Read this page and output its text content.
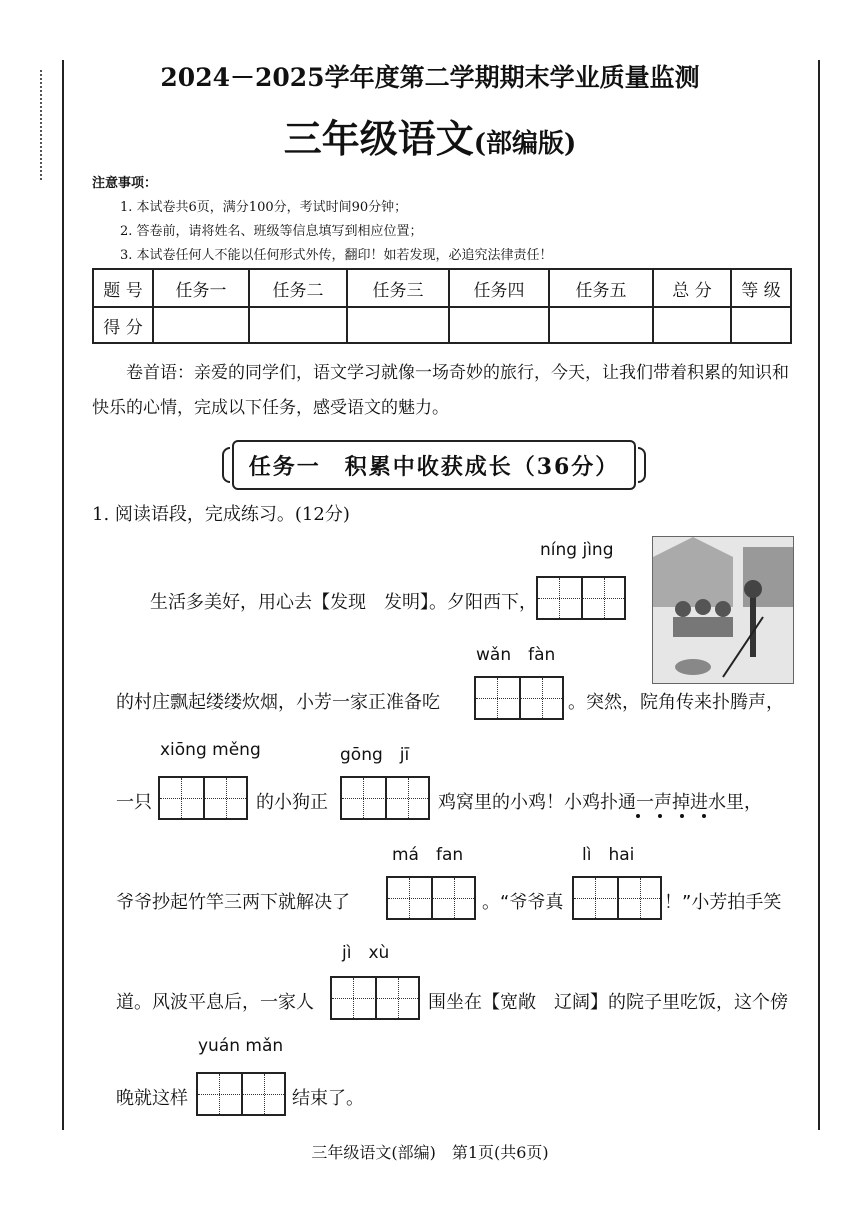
2024－2025学年度第二学期期末学业质量监测
三年级语文(部编版)
注意事项：
1. 本试卷共6页，满分100分，考试时间90分钟；
2. 答卷前，请将姓名、班级等信息填写到相应位置；
3. 本试卷任何人不能以任何形式外传，翻印！如若发现，必追究法律责任！
题 号	任务一	任务二	任务三	任务四	任务五	总 分	等 级
得 分							
卷首语：亲爱的同学们，语文学习就像一场奇妙的旅行，今天，让我们带着积累的知识和快乐的心情，完成以下任务，感受语文的魅力。
任务一　积累中收获成长（36分）
1. 阅读语段，完成练习。(12分)
níng jìng
生活多美好，用心去【发现　发明】。夕阳西下，
wǎn　fàn
的村庄飘起缕缕炊烟，小芳一家正准备吃	。突然，院角传来扑腾声，
xiōng měng	gōng　jī
一只	的小狗正	鸡窝里的小鸡！小鸡扑通一声掉进水里，
má　fan	lì　hai
爷爷抄起竹竿三两下就解决了	。“爷爷真	！”小芳拍手笑
jì　xù
道。风波平息后，一家人	围坐在【宽敞　辽阔】的院子里吃饭，这个傍
yuán mǎn
晚就这样	结束了。
三年级语文(部编)　第1页(共6页)
